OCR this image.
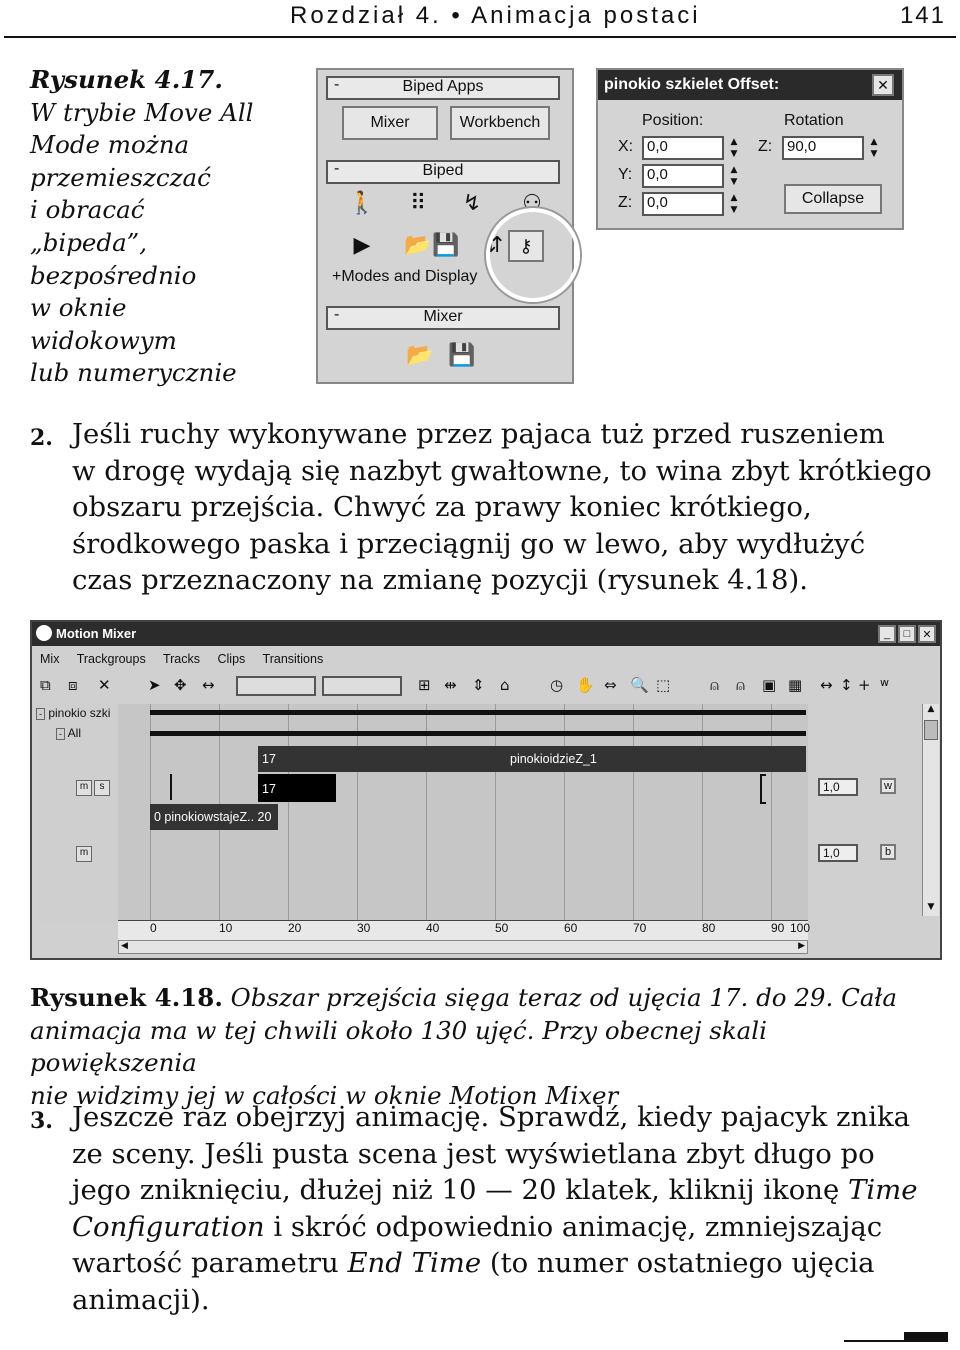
Rozdział 4. • Animacja postaci	141
Rysunek 4.17.
W trybie Move All
Mode można
przemieszczać
i obracać
„bipeda”,
bezpośrednio
w oknie
widokowym
lub numerycznie
-	Biped Apps
Mixer	Workbench
-	Biped
🚶 ⠿ ↯ ⚇
▶ 📂 💾 ⇵ ⚷
+Modes and Display
-	Mixer
📂 💾
pinokio szkielet Offset:	✕
Position:	Rotation
X: 0,0	▲
▼
Y: 0,0	▲
▼
Z: 0,0	▲
▼
Z: 90,0	▲
▼
Collapse
2. Jeśli ruchy wykonywane przez pajaca tuż przed ruszeniem
w drogę wydają się nazbyt gwałtowne, to wina zbyt krótkiego
obszaru przejścia. Chwyć za prawy koniec krótkiego,
środkowego paska i przeciągnij go w lewo, aby wydłużyć
czas przeznaczony na zmianę pozycji (rysunek 4.18).
Motion Mixer	_	□	✕
Mix Trackgroups Tracks Clips Transitions
⧉ ⧈ ✕ ➤ ✥ ↔	⊞ ⇹ ⇕ ⌂	◷ ✋ ⇔ 🔍 ⬚	⍝ ⍝ ▣ ▦ ↔ ↕ + w
- pinokio szki
- All
m	s
m
17	pinokioidzieZ_1
17
0 pinokiowstajeZ.. 20
1,0	w
1,0	b
▲
▼
0	10	20	30	40	50	60	70	80	90 100
◀	▶
Rysunek 4.18. Obszar przejścia sięga teraz od ujęcia 17. do 29. Cała
animacja ma w tej chwili około 130 ujęć. Przy obecnej skali powiększenia
nie widzimy jej w całości w oknie Motion Mixer
3. Jeszcze raz obejrzyj animację. Sprawdź, kiedy pajacyk znika
ze sceny. Jeśli pusta scena jest wyświetlana zbyt długo po
jego zniknięciu, dłużej niż 10 — 20 klatek, kliknij ikonę Time
Configuration i skróć odpowiednio animację, zmniejszając
wartość parametru End Time (to numer ostatniego ujęcia
animacji).
